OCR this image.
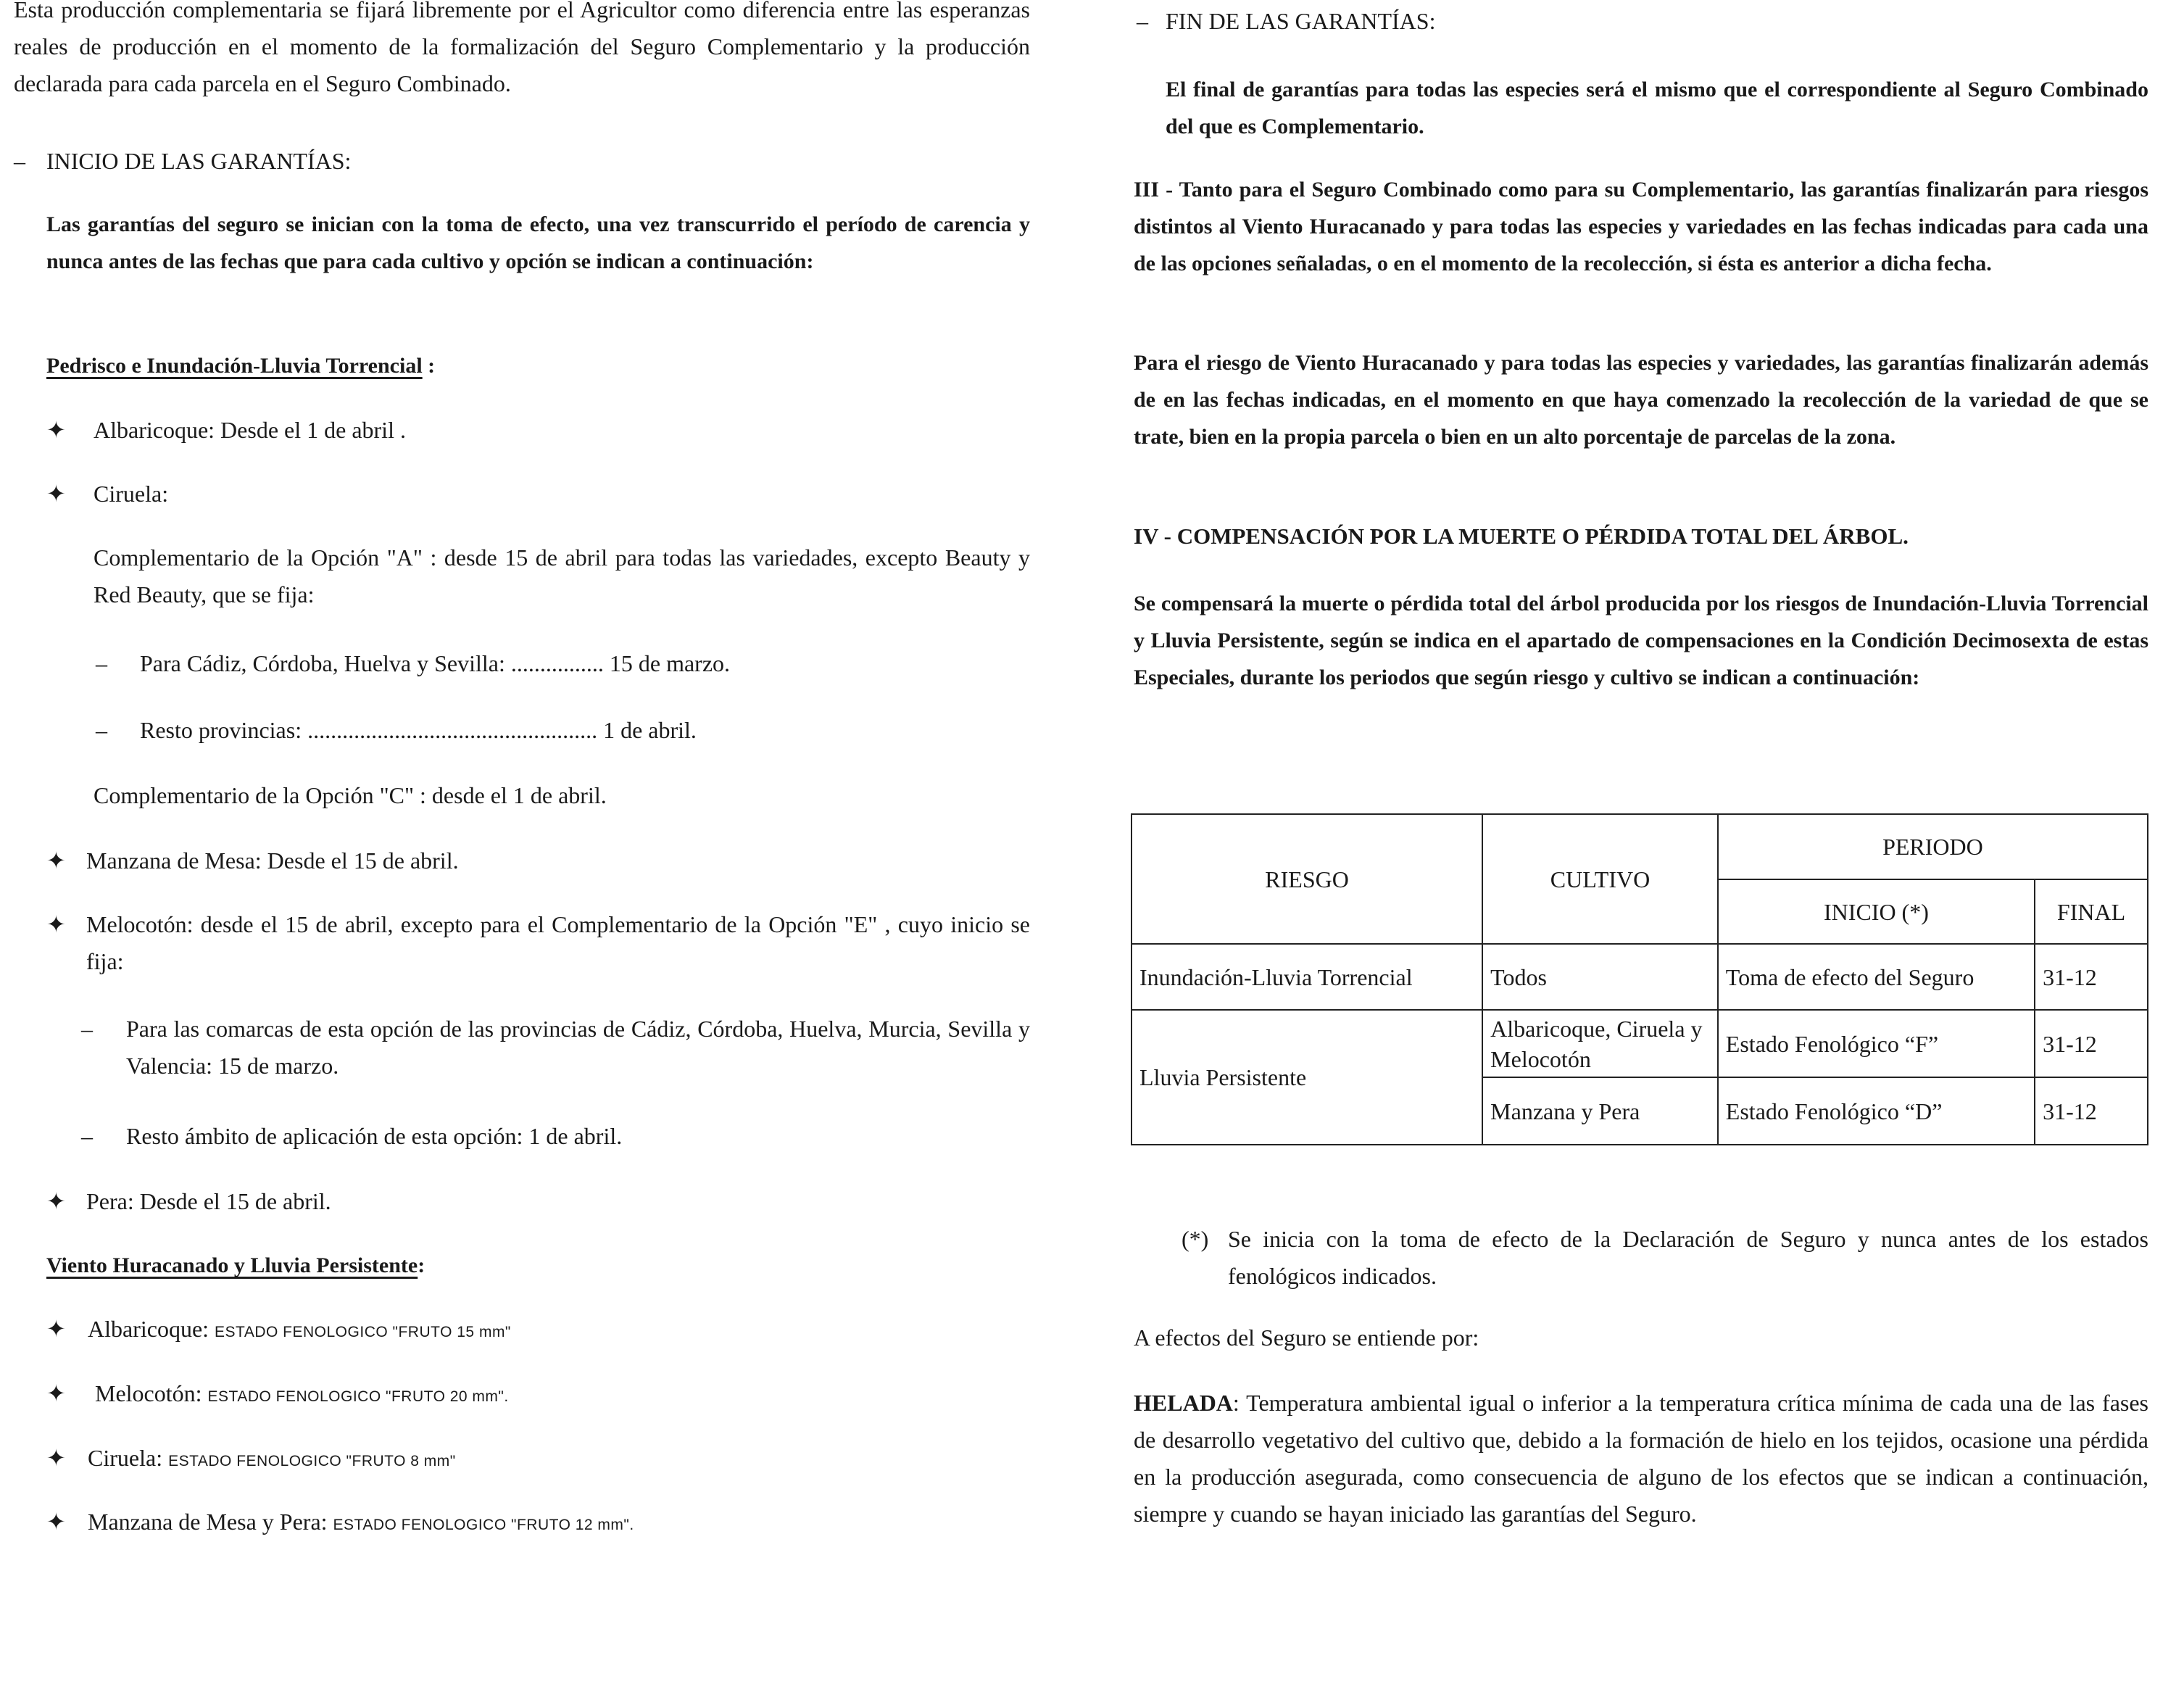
Esta producción complementaria se fijará libremente por el Agricultor como diferencia entre las esperanzas reales de producción en el momento de la formalización del Seguro Complementario y la producción declarada para cada parcela en el Seguro Combinado.

– INICIO DE LAS GARANTÍAS:

Las garantías del seguro se inician con la toma de efecto, una vez transcurrido el período de carencia y nunca antes de las fechas que para cada cultivo y opción se indican a continuación:

Pedrisco e Inundación-Lluvia Torrencial :
✦ Albaricoque: Desde el 1 de abril .
✦ Ciruela:

Complementario de la Opción "A" : desde 15 de abril para todas las variedades, excepto Beauty y Red Beauty, que se fija:

– Para Cádiz, Córdoba, Huelva y Sevilla: ................ 15 de marzo.
– Resto provincias: .................................................. 1 de abril.
Complementario de la Opción "C" : desde el 1 de abril.
✦ Manzana de Mesa: Desde el 15 de abril.
✦ Melocotón: desde el 15 de abril, excepto para el Complementario de la Opción "E" , cuyo inicio se fija:

– Para las comarcas de esta opción de las provincias de Cádiz, Córdoba, Huelva, Murcia, Sevilla y Valencia: 15 de marzo.

– Resto ámbito de aplicación de esta opción: 1 de abril.
✦ Pera: Desde el 15 de abril.
Viento Huracanado y Lluvia Persistente:
✦ Albaricoque: ESTADO FENOLOGICO "FRUTO 15 mm"
✦ Melocotón: ESTADO FENOLOGICO "FRUTO 20 mm".
✦ Ciruela: ESTADO FENOLOGICO "FRUTO 8 mm"
✦ Manzana de Mesa y Pera: ESTADO FENOLOGICO "FRUTO 12 mm".
– FIN DE LAS GARANTÍAS:

El final de garantías para todas las especies será el mismo que el correspondiente al Seguro Combinado del que es Complementario.

III - Tanto para el Seguro Combinado como para su Complementario, las garantías finalizarán para riesgos distintos al Viento Huracanado y para todas las especies y variedades en las fechas indicadas para cada una de las opciones señaladas, o en el momento de la recolección, si ésta es anterior a dicha fecha.

Para el riesgo de Viento Huracanado y para todas las especies y variedades, las garantías finalizarán además de en las fechas indicadas, en el momento en que haya comenzado la recolección de la variedad de que se trate, bien en la propia parcela o bien en un alto porcentaje de parcelas de la zona.

IV - COMPENSACIÓN POR LA MUERTE O PÉRDIDA TOTAL DEL ÁRBOL.

Se compensará la muerte o pérdida total del árbol producida por los riesgos de Inundación-Lluvia Torrencial y Lluvia Persistente, según se indica en el apartado de compensaciones en la Condición Decimosexta de estas Especiales, durante los periodos que según riesgo y cultivo se indican a continuación:

RIESGO	CULTIVO	PERIODO	
		INICIO (*)	FINAL
Inundación-Lluvia Torrencial	Todos	Toma de efecto del Seguro	31-12
Lluvia Persistente	Albaricoque, Ciruela y Melocotón	Estado Fenológico “F”	31-12
	Manzana y Pera	Estado Fenológico “D”	31-12
(*) Se inicia con la toma de efecto de la Declaración de Seguro y nunca antes de los estados fenológicos indicados.

A efectos del Seguro se entiende por:

HELADA: Temperatura ambiental igual o inferior a la temperatura crítica mínima de cada una de las fases de desarrollo vegetativo del cultivo que, debido a la formación de hielo en los tejidos, ocasione una pérdida en la producción asegurada, como consecuencia de alguno de los efectos que se indican a continuación, siempre y cuando se hayan iniciado las garantías del Seguro.
